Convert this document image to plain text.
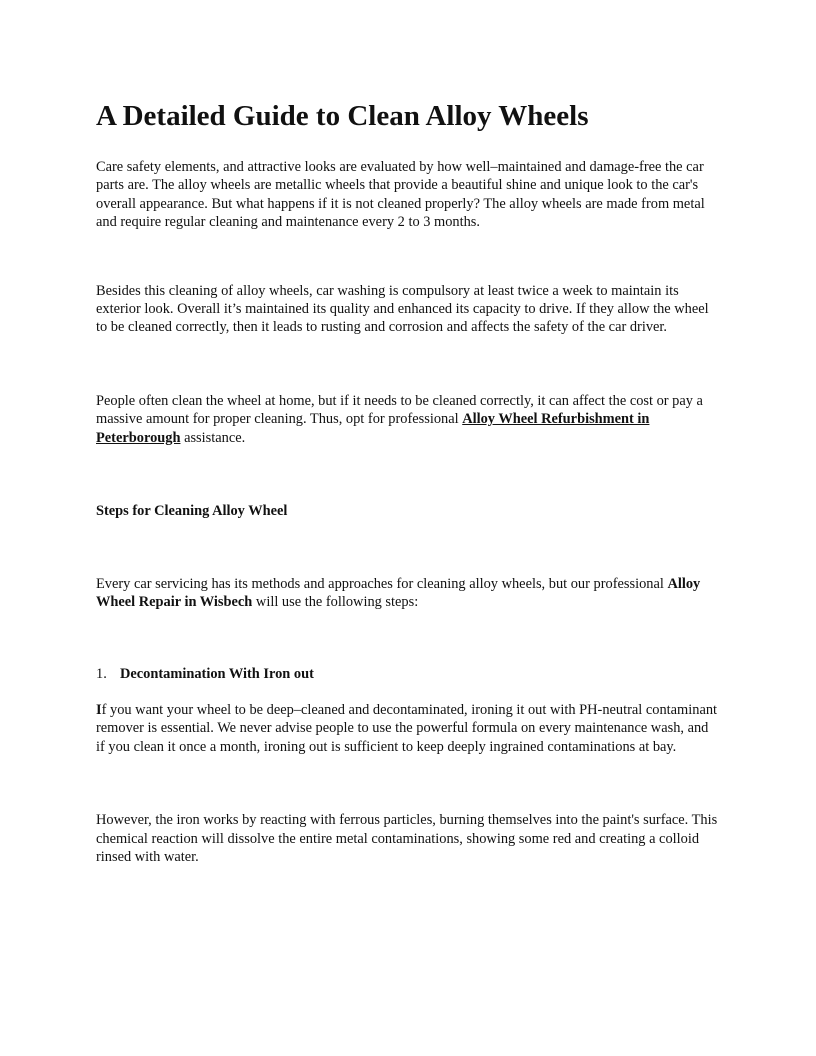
A Detailed Guide to Clean Alloy Wheels

Care safety elements, and attractive looks are evaluated by how well–maintained and damage-free the car parts are. The alloy wheels are metallic wheels that provide a beautiful shine and unique look to the car's overall appearance. But what happens if it is not cleaned properly? The alloy wheels are made from metal and require regular cleaning and maintenance every 2 to 3 months.

Besides this cleaning of alloy wheels, car washing is compulsory at least twice a week to maintain its exterior look. Overall it’s maintained its quality and enhanced its capacity to drive. If they allow the wheel to be cleaned correctly, then it leads to rusting and corrosion and affects the safety of the car driver.

People often clean the wheel at home, but if it needs to be cleaned correctly, it can affect the cost or pay a massive amount for proper cleaning. Thus, opt for professional Alloy Wheel Refurbishment in Peterborough assistance.

Steps for Cleaning Alloy Wheel

Every car servicing has its methods and approaches for cleaning alloy wheels, but our professional Alloy Wheel Repair in Wisbech will use the following steps:

1. Decontamination With Iron out

If you want your wheel to be deep–cleaned and decontaminated, ironing it out with PH-neutral contaminant remover is essential. We never advise people to use the powerful formula on every maintenance wash, and if you clean it once a month, ironing out is sufficient to keep deeply ingrained contaminations at bay.

However, the iron works by reacting with ferrous particles, burning themselves into the paint's surface. This chemical reaction will dissolve the entire metal contaminations, showing some red and creating a colloid rinsed with water.
